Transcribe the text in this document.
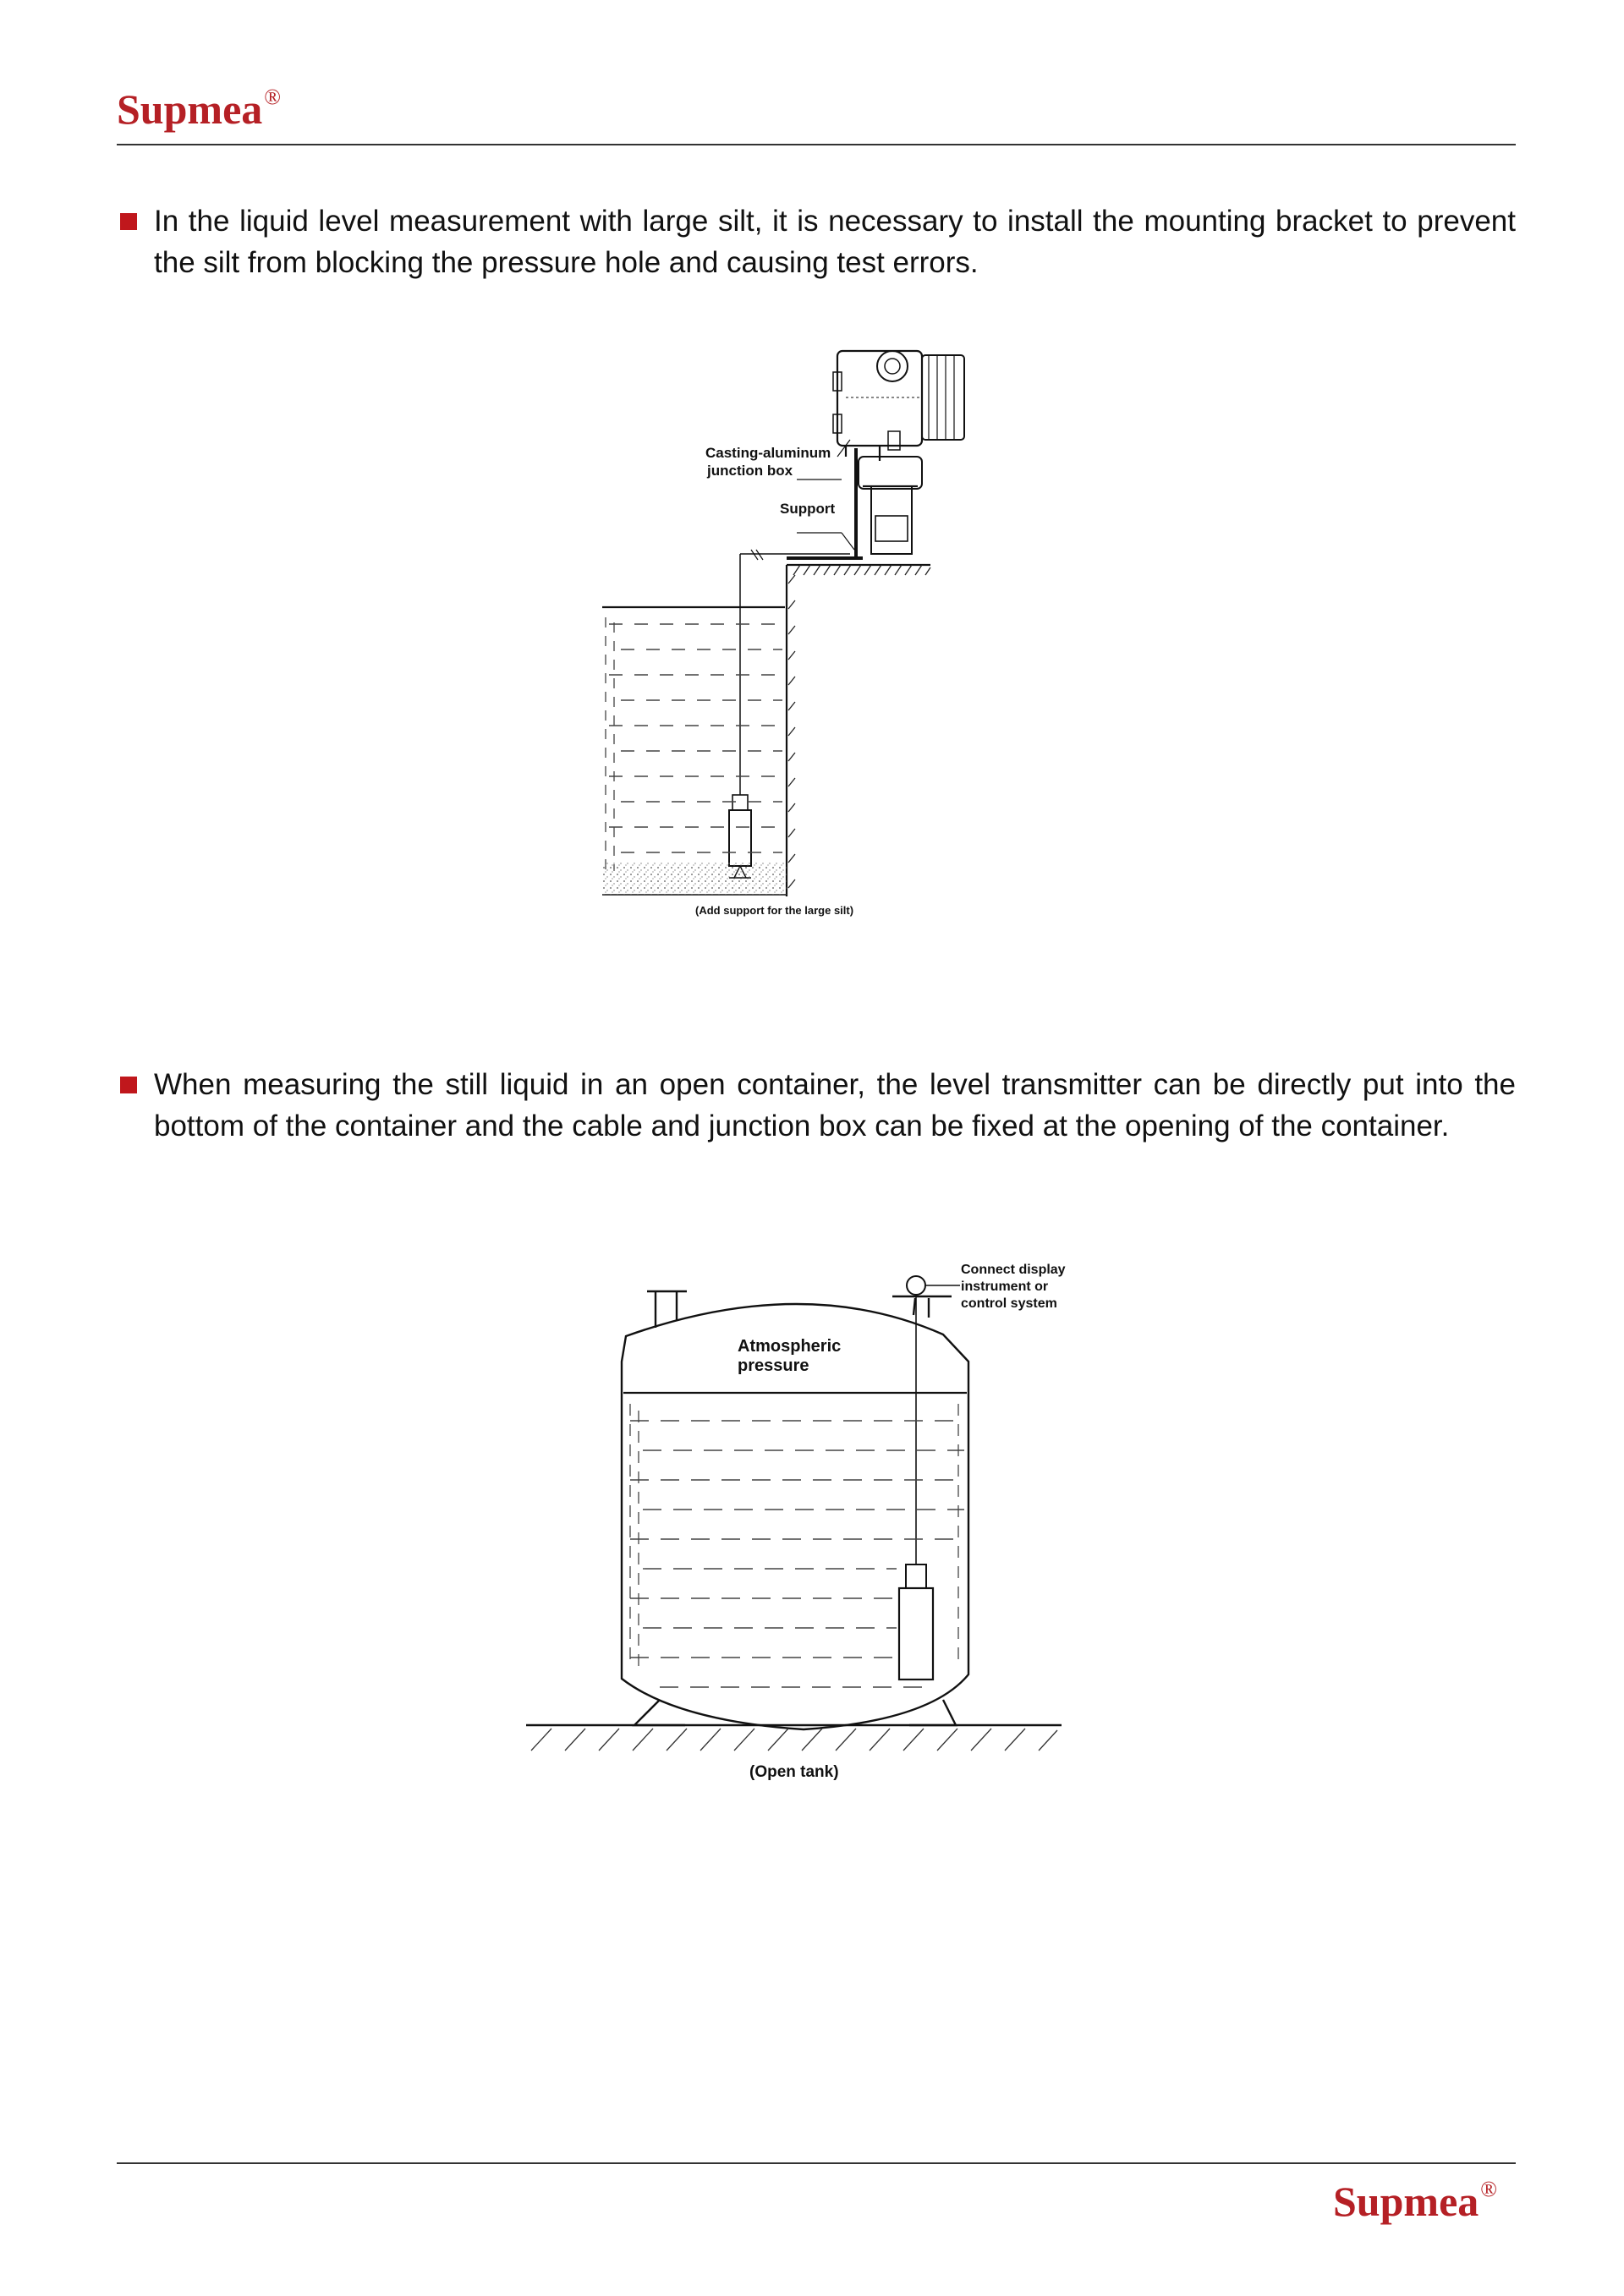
Supmea®
In the liquid level measurement with large silt, it is necessary to install the mounting bracket to prevent the silt from blocking the pressure hole and causing test errors.
Casting-aluminum
junction box
Support
(Add support for the large silt)
When measuring the still liquid in an open container, the level transmitter can be directly put into the bottom of the container and the cable and junction box can be fixed at the opening of the container.
Atmospheric
pressure
Connect display
instrument or
control system
(Open tank)
Supmea®
